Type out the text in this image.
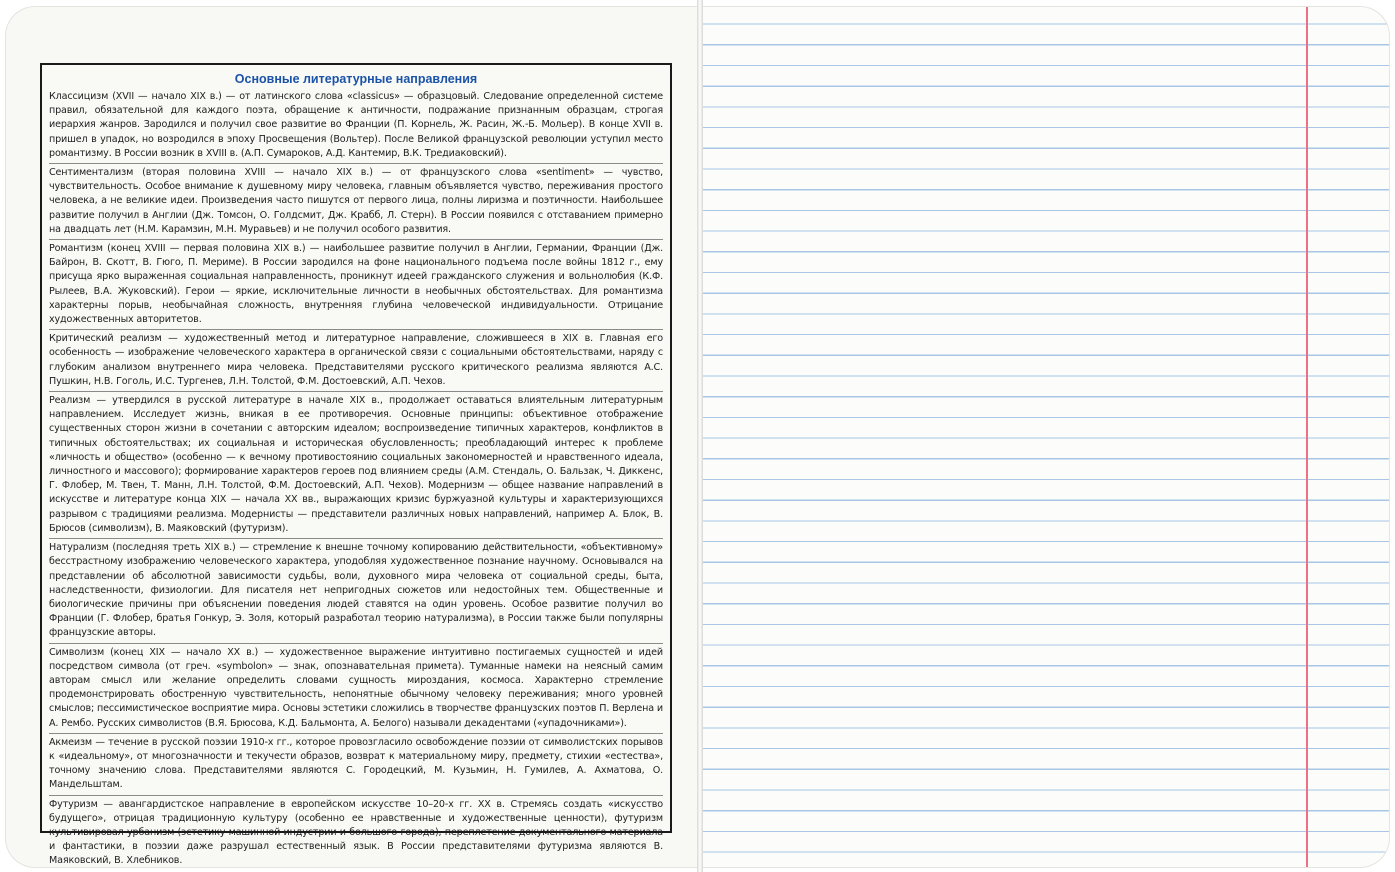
Основные литературные направления

Классицизм (XVII — начало XIX в.) — от латинского слова «classicus» — образцовый. Следование определенной системе правил, обязательной для каждого поэта, обращение к античности, подражание признанным образцам, строгая иерархия жанров. Зародился и получил свое развитие во Франции (П. Корнель, Ж. Расин, Ж.-Б. Мольер). В конце XVII в. пришел в упадок, но возродился в эпоху Просвещения (Вольтер). После Великой французской революции уступил место романтизму. В России возник в XVIII в. (А.П. Сумароков, А.Д. Кантемир, В.К. Тредиаковский).

Сентиментализм (вторая половина XVIII — начало XIX в.) — от французского слова «sentiment» — чувство, чувствительность. Особое внимание к душевному миру человека, главным объявляется чувство, переживания простого человека, а не великие идеи. Произведения часто пишутся от первого лица, полны лиризма и поэтичности. Наибольшее развитие получил в Англии (Дж. Томсон, О. Голдсмит, Дж. Крабб, Л. Стерн). В России появился с отставанием примерно на двадцать лет (Н.М. Карамзин, М.Н. Муравьев) и не получил особого развития.

Романтизм (конец XVIII — первая половина XIX в.) — наибольшее развитие получил в Англии, Германии, Франции (Дж. Байрон, В. Скотт, В. Гюго, П. Мериме). В России зародился на фоне национального подъема после войны 1812 г., ему присуща ярко выраженная социальная направленность, проникнут идеей гражданского служения и вольнолюбия (К.Ф. Рылеев, В.А. Жуковский). Герои — яркие, исключительные личности в необычных обстоятельствах. Для романтизма характерны порыв, необычайная сложность, внутренняя глубина человеческой индивидуальности. Отрицание художественных авторитетов.

Критический реализм — художественный метод и литературное направление, сложившееся в XIX в. Главная его особенность — изображение человеческого характера в органической связи с социальными обстоятельствами, наряду с глубоким анализом внутреннего мира человека. Представителями русского критического реализма являются А.С. Пушкин, Н.В. Гоголь, И.С. Тургенев, Л.Н. Толстой, Ф.М. Достоевский, А.П. Чехов.

Реализм — утвердился в русской литературе в начале XIX в., продолжает оставаться влиятельным литературным направлением. Исследует жизнь, вникая в ее противоречия. Основные принципы: объективное отображение существенных сторон жизни в сочетании с авторским идеалом; воспроизведение типичных характеров, конфликтов в типичных обстоятельствах; их социальная и историческая обусловленность; преобладающий интерес к проблеме «личность и общество» (особенно — к вечному противостоянию социальных закономерностей и нравственного идеала, личностного и массового); формирование характеров героев под влиянием среды (А.М. Стендаль, О. Бальзак, Ч. Диккенс, Г. Флобер, М. Твен, Т. Манн, Л.Н. Толстой, Ф.М. Достоевский, А.П. Чехов). Модернизм — общее название направлений в искусстве и литературе конца XIX — начала XX вв., выражающих кризис буржуазной культуры и характеризующихся разрывом с традициями реализма. Модернисты — представители различных новых направлений, например А. Блок, В. Брюсов (символизм), В. Маяковский (футуризм).

Натурализм (последняя треть XIX в.) — стремление к внешне точному копированию действительности, «объективному» бесстрастному изображению человеческого характера, уподобляя художественное познание научному. Основывался на представлении об абсолютной зависимости судьбы, воли, духовного мира человека от социальной среды, быта, наследственности, физиологии. Для писателя нет непригодных сюжетов или недостойных тем. Общественные и биологические причины при объяснении поведения людей ставятся на один уровень. Особое развитие получил во Франции (Г. Флобер, братья Гонкур, Э. Золя, который разработал теорию натурализма), в России также были популярны французские авторы.

Символизм (конец XIX — начало XX в.) — художественное выражение интуитивно постигаемых сущностей и идей посредством символа (от греч. «symbolon» — знак, опознавательная примета). Туманные намеки на неясный самим авторам смысл или желание определить словами сущность мироздания, космоса. Характерно стремление продемонстрировать обостренную чувствительность, непонятные обычному человеку переживания; много уровней смыслов; пессимистическое восприятие мира. Основы эстетики сложились в творчестве французских поэтов П. Верлена и А. Рембо. Русских символистов (В.Я. Брюсова, К.Д. Бальмонта, А. Белого) называли декадентами («упадочниками»).

Акмеизм — течение в русской поэзии 1910-х гг., которое провозгласило освобождение поэзии от символистских порывов к «идеальному», от многозначности и текучести образов, возврат к материальному миру, предмету, стихии «естества», точному значению слова. Представителями являются С. Городецкий, М. Кузьмин, Н. Гумилев, А. Ахматова, О. Мандельштам.

Футуризм — авангардистское направление в европейском искусстве 10–20-х гг. XX в. Стремясь создать «искусство будущего», отрицая традиционную культуру (особенно ее нравственные и художественные ценности), футуризм культивировал урбанизм (эстетику машинной индустрии и большого города), переплетение документального материала и фантастики, в поэзии даже разрушал естественный язык. В России представителями футуризма являются В. Маяковский, В. Хлебников.
